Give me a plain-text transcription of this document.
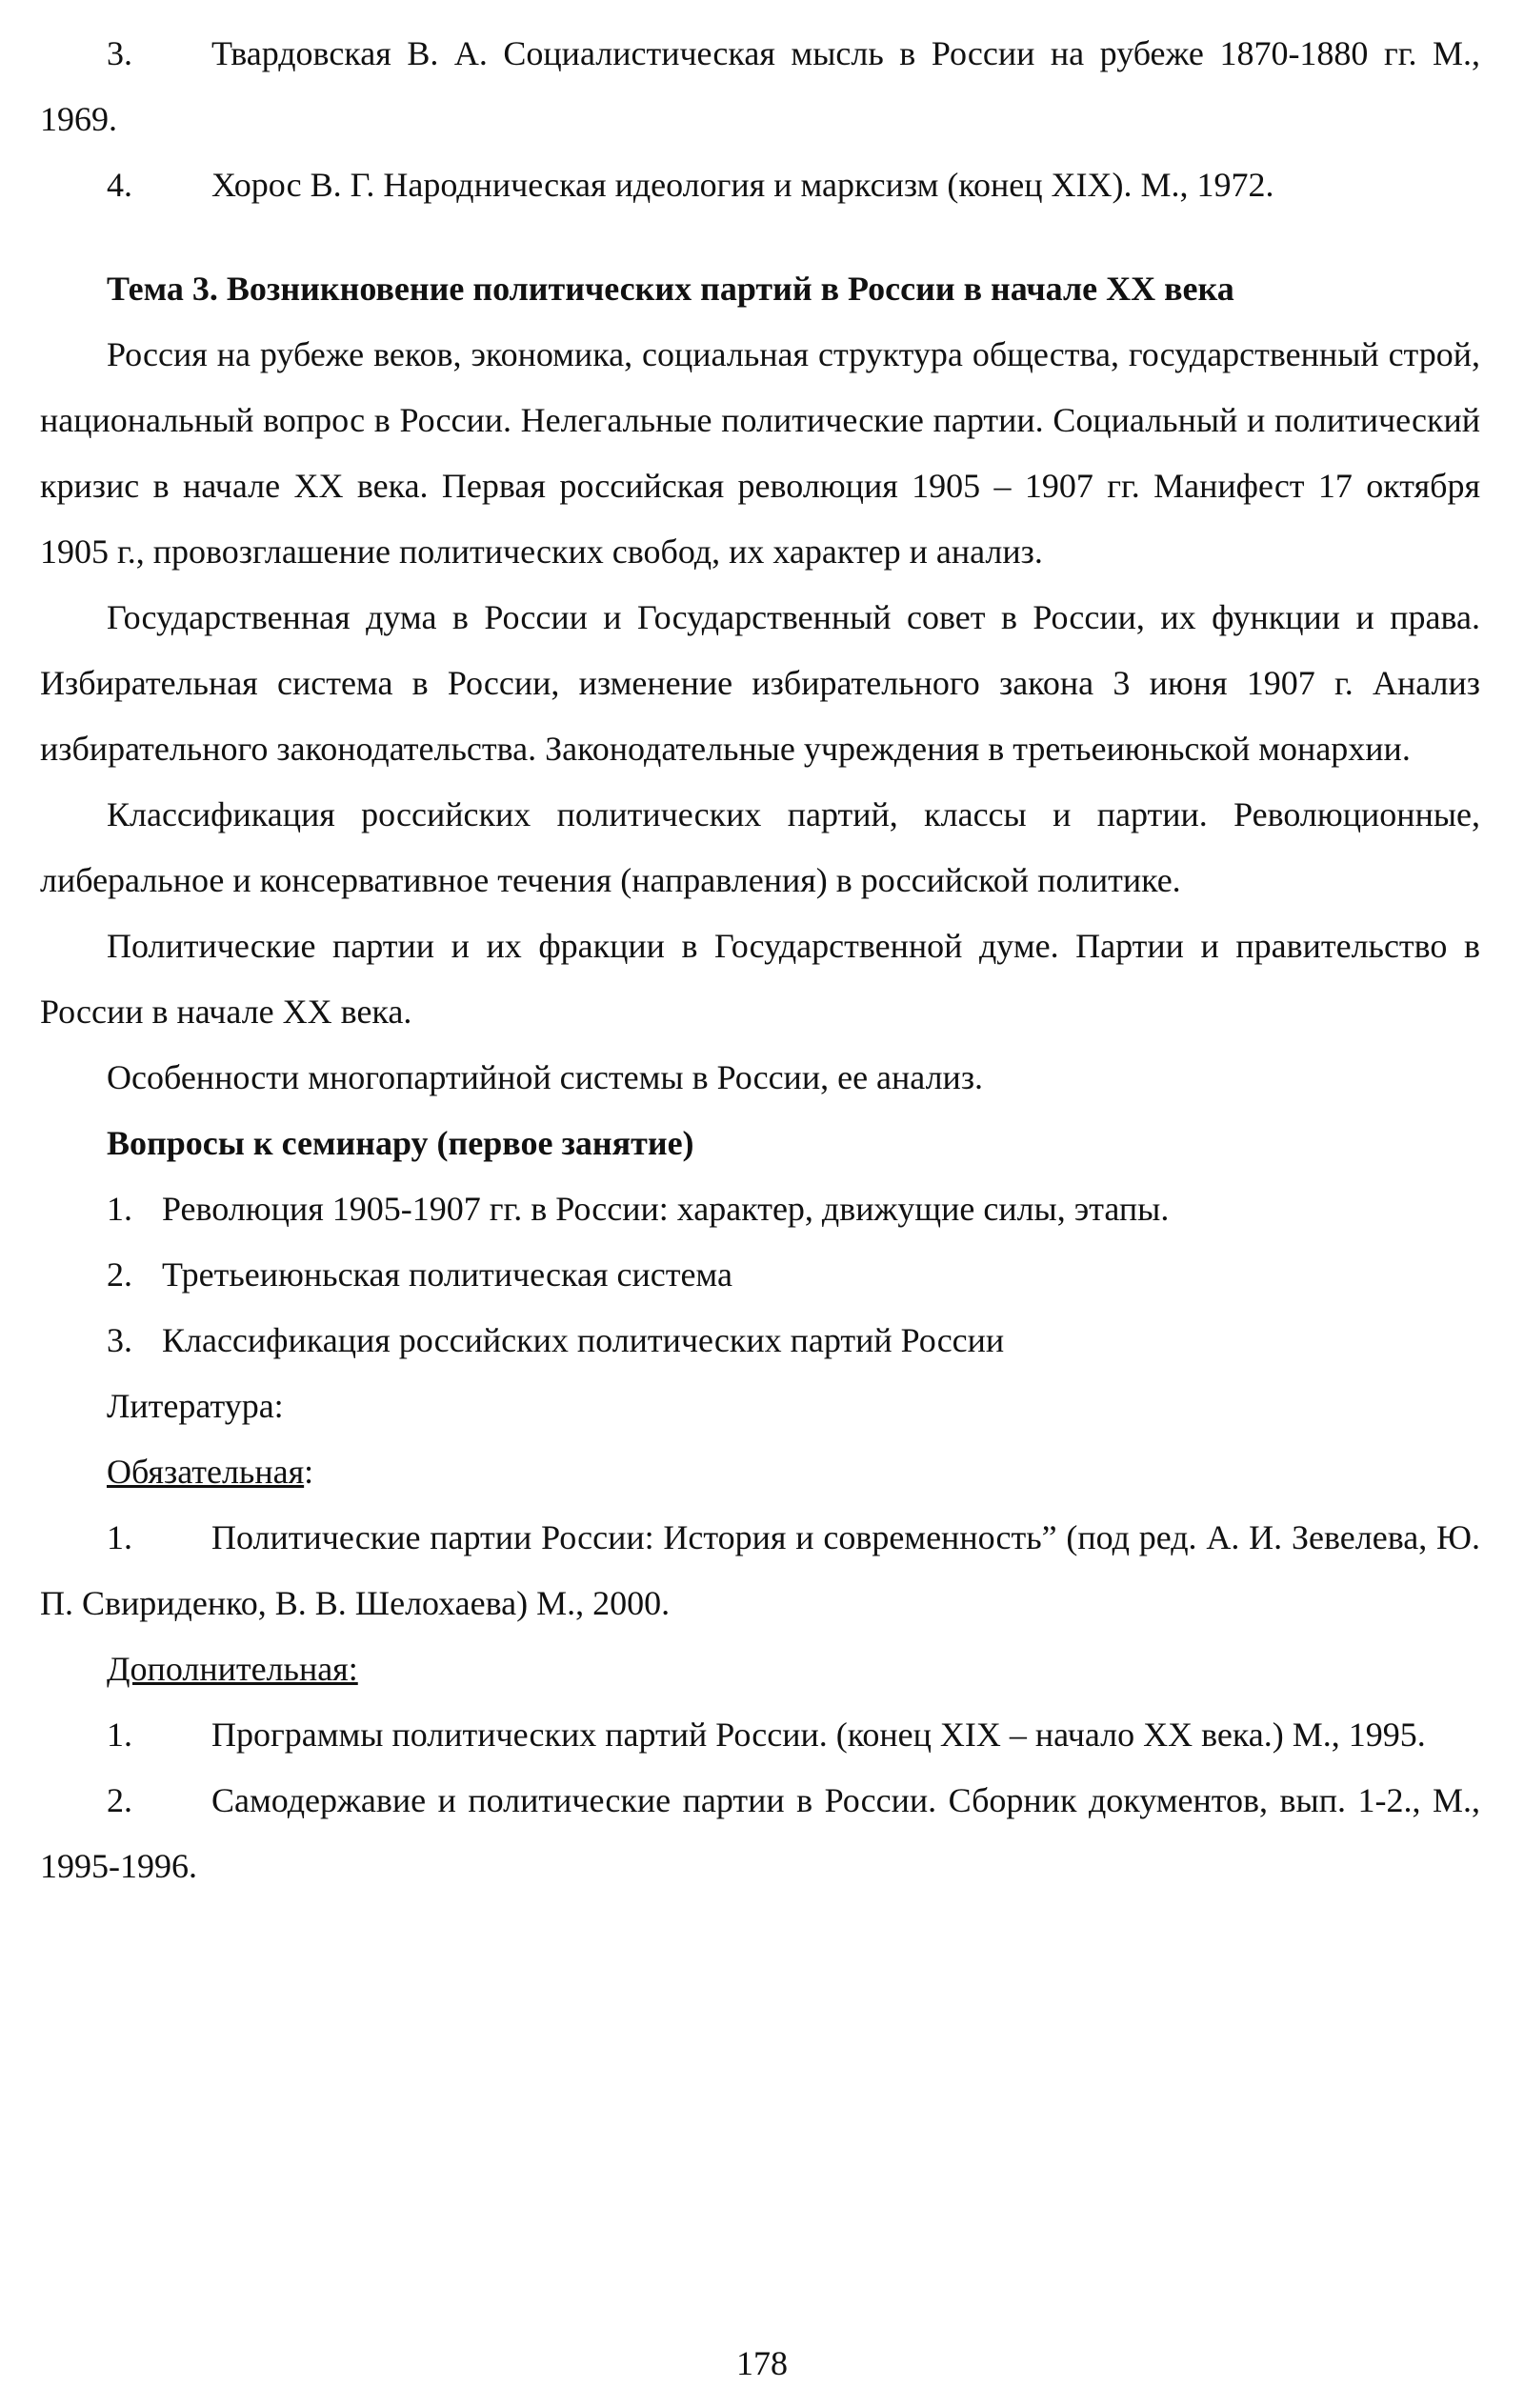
3. Твардовская В. А. Социалистическая мысль в России на рубеже 1870-1880 гг. М., 1969.

4. Хорос В. Г. Народническая идеология и марксизм (конец XIX). М., 1972.

Тема 3. Возникновение политических партий в России в начале ХХ века

Россия на рубеже веков, экономика, социальная структура общества, государственный строй, национальный вопрос в России. Нелегальные политические партии. Социальный и политический кризис в начале ХХ века. Первая российская революция 1905 – 1907 гг. Манифест 17 октября 1905 г., провозглашение политических свобод, их характер и анализ.

Государственная дума в России и Государственный совет в России, их функции и права. Избирательная система в России, изменение избирательного закона 3 июня 1907 г. Анализ избирательного законодательства. Законодательные учреждения в третьеиюньской монархии.

Классификация российских политических партий, классы и партии. Революционные, либеральное и консервативное течения (направления) в российской политике.

Политические партии и их фракции в Государственной думе. Партии и правительство в России в начале ХХ века.

Особенности многопартийной системы в России, ее анализ.

Вопросы к семинару (первое занятие)

1. Революция 1905-1907 гг. в России: характер, движущие силы, этапы.
2. Третьеиюньская политическая система
3. Классификация российских политических партий России

Литература:

Обязательная:

1. Политические партии России: История и современность” (под ред. А. И. Зевелева, Ю. П. Свириденко, В. В. Шелохаева) М., 2000.

Дополнительная:

1. Программы политических партий России. (конец XIX – начало ХХ века.) М., 1995.

2. Самодержавие и политические партии в России. Сборник документов, вып. 1-2., М., 1995-1996.

178
